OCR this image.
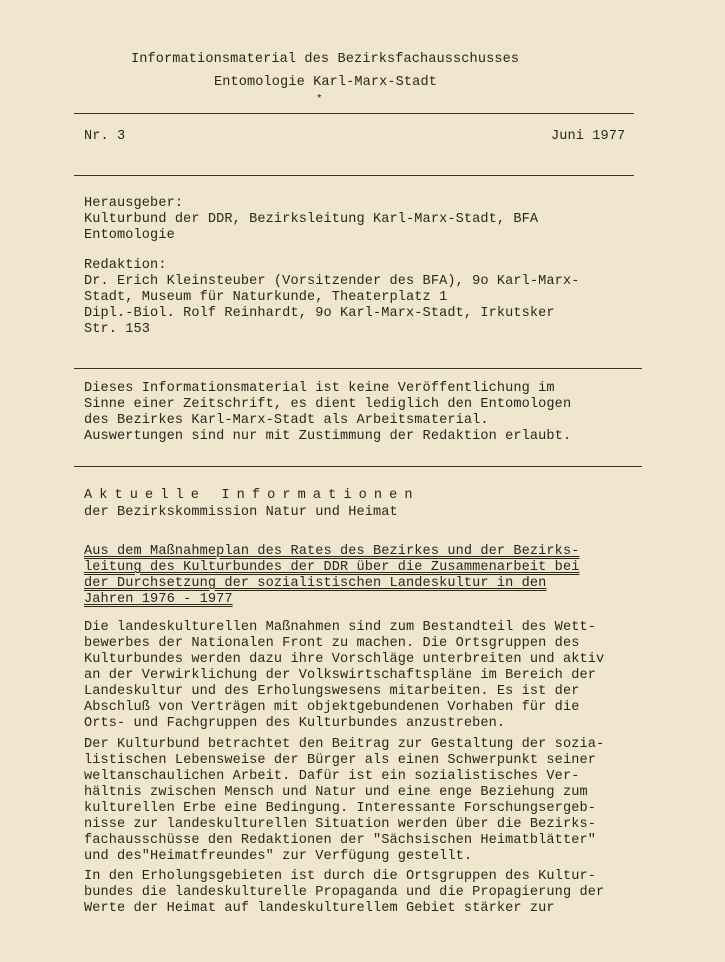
Informationsmaterial des Bezirksfachausschusses
Entomologie Karl-Marx-Stadt
*
Nr. 3	Juni 1977
Herausgeber:
Kulturbund der DDR, Bezirksleitung Karl-Marx-Stadt, BFA
Entomologie
Redaktion:
Dr. Erich Kleinsteuber (Vorsitzender des BFA), 9o Karl-Marx-
Stadt, Museum für Naturkunde, Theaterplatz 1
Dipl.-Biol. Rolf Reinhardt, 9o Karl-Marx-Stadt, Irkutsker
Str. 153
Dieses Informationsmaterial ist keine Veröffentlichung im
Sinne einer Zeitschrift, es dient lediglich den Entomologen
des Bezirkes Karl-Marx-Stadt als Arbeitsmaterial.
Auswertungen sind nur mit Zustimmung der Redaktion erlaubt.
Aktuelle Informationen
der Bezirkskommission Natur und Heimat
Aus dem Maßnahmeplan des Rates des Bezirkes und der Bezirks-
leitung des Kulturbundes der DDR über die Zusammenarbeit bei
der Durchsetzung der sozialistischen Landeskultur in den
Jahren 1976 - 1977
Die landeskulturellen Maßnahmen sind zum Bestandteil des Wett-
bewerbes der Nationalen Front zu machen. Die Ortsgruppen des
Kulturbundes werden dazu ihre Vorschläge unterbreiten und aktiv
an der Verwirklichung der Volkswirtschaftspläne im Bereich der
Landeskultur und des Erholungswesens mitarbeiten. Es ist der
Abschluß von Verträgen mit objektgebundenen Vorhaben für die
Orts- und Fachgruppen des Kulturbundes anzustreben.
Der Kulturbund betrachtet den Beitrag zur Gestaltung der sozia-
listischen Lebensweise der Bürger als einen Schwerpunkt seiner
weltanschaulichen Arbeit. Dafür ist ein sozialistisches Ver-
hältnis zwischen Mensch und Natur und eine enge Beziehung zum
kulturellen Erbe eine Bedingung. Interessante Forschungsergeb-
nisse zur landeskulturellen Situation werden über die Bezirks-
fachausschüsse den Redaktionen der "Sächsischen Heimatblätter"
und des"Heimatfreundes" zur Verfügung gestellt.
In den Erholungsgebieten ist durch die Ortsgruppen des Kultur-
bundes die landeskulturelle Propaganda und die Propagierung der
Werte der Heimat auf landeskulturellem Gebiet stärker zur
